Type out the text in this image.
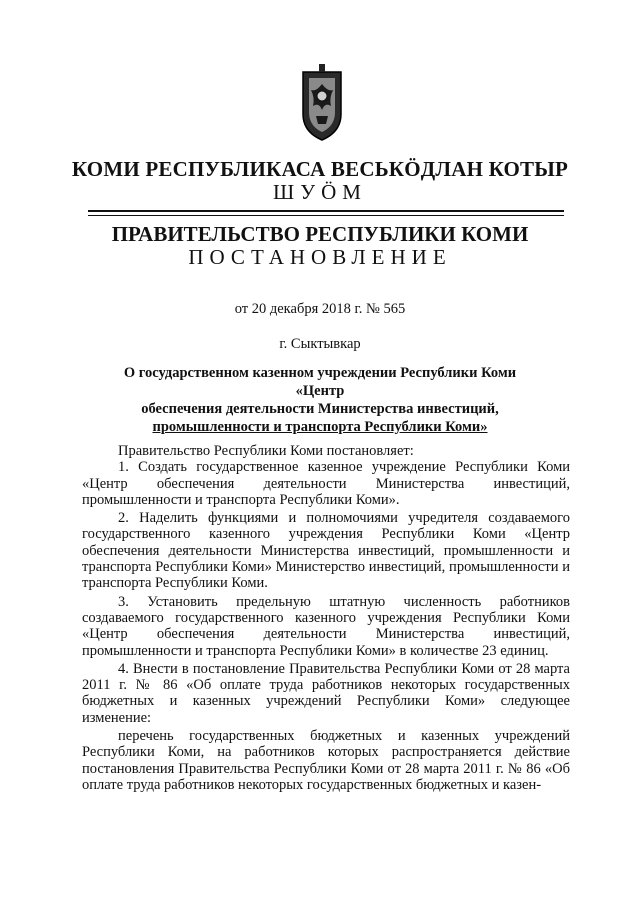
КОМИ РЕСПУБЛИКАСА ВЕСЬКӦДЛАН КОТЫР
ШУÖМ
ПРАВИТЕЛЬСТВО РЕСПУБЛИКИ КОМИ
ПОСТАНОВЛЕНИЕ
от 20 декабря 2018 г. № 565
г. Сыктывкар
О государственном казенном учреждении Республики Коми «Центр
обеспечения деятельности Министерства инвестиций,
промышленности и транспорта Республики Коми»

Правительство Республики Коми постановляет:

1. Создать государственное казенное учреждение Республики Коми «Центр обеспечения деятельности Министерства инвестиций, промышленности и транспорта Республики Коми».

2. Наделить функциями и полномочиями учредителя создаваемого государственного казенного учреждения Республики Коми «Центр обеспечения деятельности Министерства инвестиций, промышленности и транспорта Республики Коми» Министерство инвестиций, промышленности и транспорта Республики Коми.

3. Установить предельную штатную численность работников создаваемого государственного казенного учреждения Республики Коми «Центр обеспечения деятельности Министерства инвестиций, промышленности и транспорта Республики Коми» в количестве 23 единиц.

4. Внести в постановление Правительства Республики Коми от 28 марта 2011 г. № 86 «Об оплате труда работников некоторых государственных бюджетных и казенных учреждений Республики Коми» следующее изменение:

перечень государственных бюджетных и казенных учреждений Республики Коми, на работников которых распространяется действие постановления Правительства Республики Коми от 28 марта 2011 г. № 86 «Об оплате труда работников некоторых государственных бюджетных и казен-
